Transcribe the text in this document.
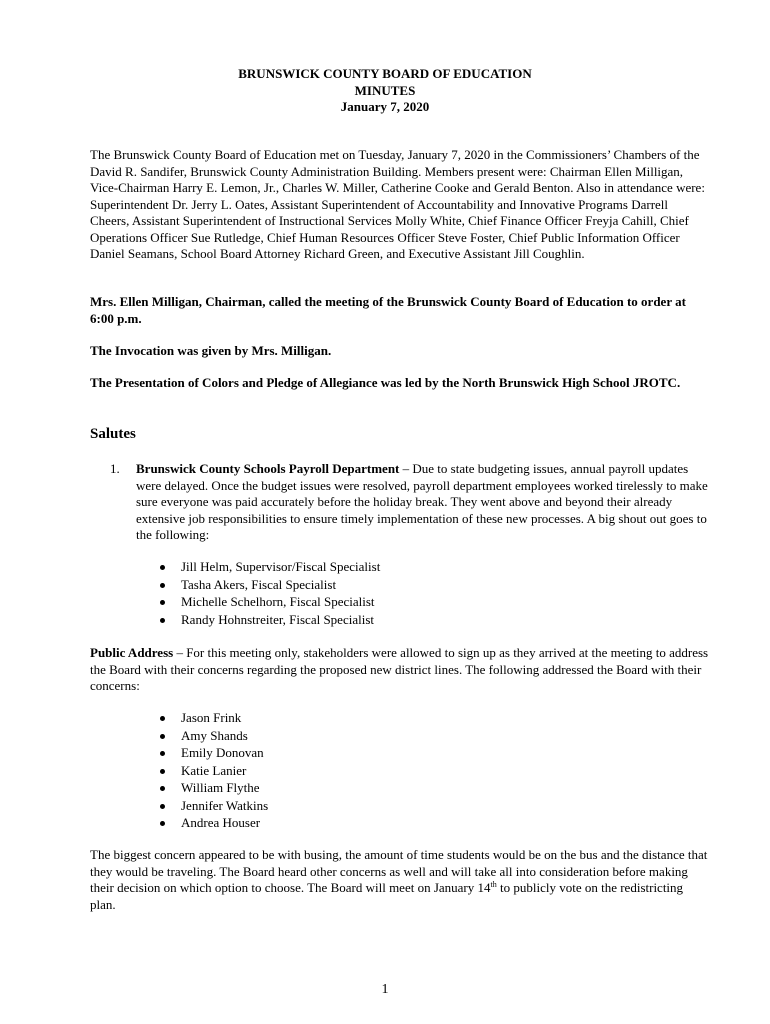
BRUNSWICK COUNTY BOARD OF EDUCATION
MINUTES
January 7, 2020

The Brunswick County Board of Education met on Tuesday, January 7, 2020 in the Commissioners’ Chambers of the David R. Sandifer, Brunswick County Administration Building. Members present were: Chairman Ellen Milligan, Vice-Chairman Harry E. Lemon, Jr., Charles W. Miller, Catherine Cooke and Gerald Benton. Also in attendance were: Superintendent Dr. Jerry L. Oates, Assistant Superintendent of Accountability and Innovative Programs Darrell Cheers, Assistant Superintendent of Instructional Services Molly White, Chief Finance Officer Freyja Cahill, Chief Operations Officer Sue Rutledge, Chief Human Resources Officer Steve Foster, Chief Public Information Officer Daniel Seamans, School Board Attorney Richard Green, and Executive Assistant Jill Coughlin.

Mrs. Ellen Milligan, Chairman, called the meeting of the Brunswick County Board of Education to order at 6:00 p.m.

The Invocation was given by Mrs. Milligan.

The Presentation of Colors and Pledge of Allegiance was led by the North Brunswick High School JROTC.

Salutes

1. Brunswick County Schools Payroll Department – Due to state budgeting issues, annual payroll updates were delayed. Once the budget issues were resolved, payroll department employees worked tirelessly to make sure everyone was paid accurately before the holiday break. They went above and beyond their already extensive job responsibilities to ensure timely implementation of these new processes. A big shout out goes to the following:

Jill Helm, Supervisor/Fiscal Specialist
Tasha Akers, Fiscal Specialist
Michelle Schelhorn, Fiscal Specialist
Randy Hohnstreiter, Fiscal Specialist

Public Address – For this meeting only, stakeholders were allowed to sign up as they arrived at the meeting to address the Board with their concerns regarding the proposed new district lines. The following addressed the Board with their concerns:

Jason Frink
Amy Shands
Emily Donovan
Katie Lanier
William Flythe
Jennifer Watkins
Andrea Houser

The biggest concern appeared to be with busing, the amount of time students would be on the bus and the distance that they would be traveling. The Board heard other concerns as well and will take all into consideration before making their decision on which option to choose. The Board will meet on January 14th to publicly vote on the redistricting plan.

1
